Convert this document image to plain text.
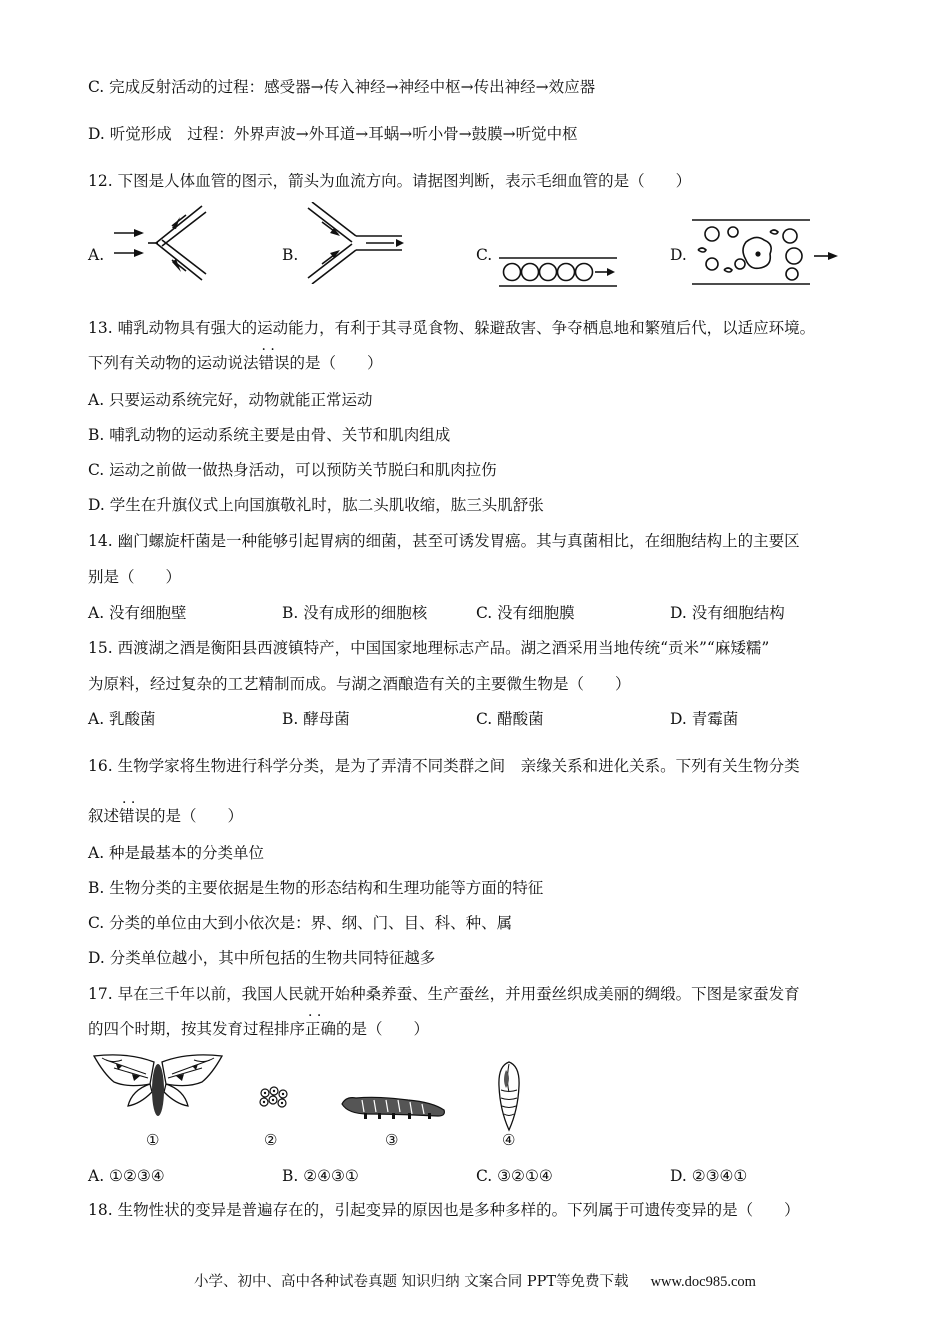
C. 完成反射活动的过程：感受器→传入神经→神经中枢→传出神经→效应器
D. 听觉形成　过程：外界声波→外耳道→耳蜗→听小骨→鼓膜→听觉中枢
12. 下图是人体血管的图示，箭头为血流方向。请据图判断，表示毛细血管的是（　　）
A.	B.	C.	D.
13. 哺乳动物具有强大的运动能力，有利于其寻觅食物、躲避敌害、争夺栖息地和繁殖后代，以适应环境。
下列有关动物的运动说法· · 错误的是（　　）
A. 只要运动系统完好，动物就能正常运动
B. 哺乳动物的运动系统主要是由骨、关节和肌肉组成
C. 运动之前做一做热身活动，可以预防关节脱臼和肌肉拉伤
D. 学生在升旗仪式上向国旗敬礼时，肱二头肌收缩，肱三头肌舒张
14. 幽门螺旋杆菌是一种能够引起胃病的细菌，甚至可诱发胃癌。其与真菌相比，在细胞结构上的主要区
别是（　　）
A. 没有细胞壁	B. 没有成形的细胞核	C. 没有细胞膜	D. 没有细胞结构
15. 西渡湖之酒是衡阳县西渡镇特产，中国国家地理标志产品。湖之酒采用当地传统“贡米”“麻矮糯”
为原料，经过复杂的工艺精制而成。与湖之酒酿造有关的主要微生物是（　　）
A. 乳酸菌	B. 酵母菌	C. 醋酸菌	D. 青霉菌
16. 生物学家将生物进行科学分类，是为了弄清不同类群之间　亲缘关系和进化关系。下列有关生物分类
叙述· · 错误的是（　　）
A. 种是最基本的分类单位
B. 生物分类的主要依据是生物的形态结构和生理功能等方面的特征
C. 分类的单位由大到小依次是：界、纲、门、目、科、种、属
D. 分类单位越小，其中所包括的生物共同特征越多
17. 早在三千年以前，我国人民就开始种桑养蚕、生产蚕丝，并用蚕丝织成美丽的绸缎。下图是家蚕发育
的四个时期，按其发育过程排序· · 正确的是（　　）
①	②	③	④
A. ①②③④	B. ②④③①	C. ③②①④	D. ②③④①
18. 生物性状的变异是普遍存在的，引起变异的原因也是多种多样的。下列属于可遗传变异的是（　　）
小学、初中、高中各种试卷真题 知识归纳 文案合同 PPT等免费下载 www.doc985.com
